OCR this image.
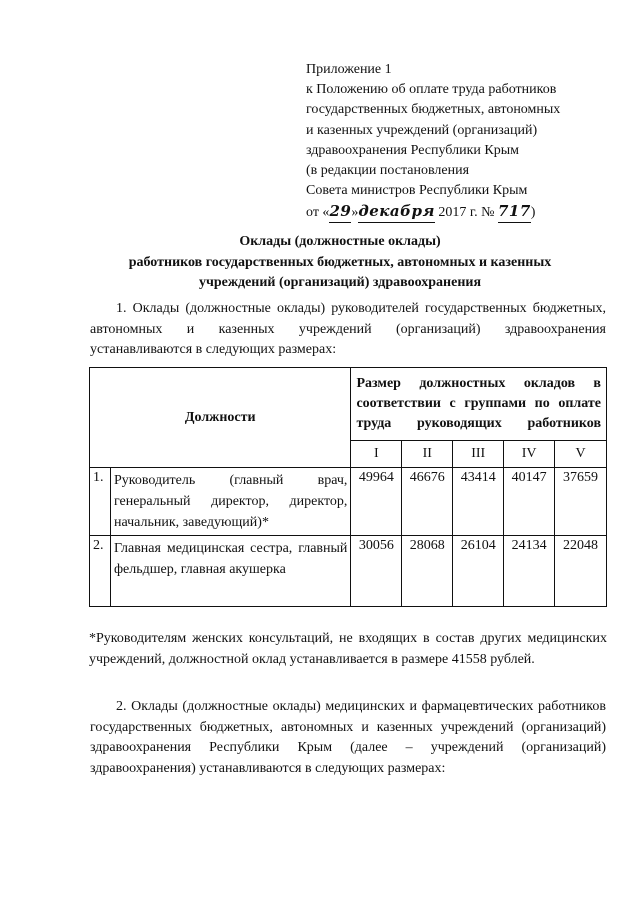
Приложение 1
к Положению об оплате труда работников
государственных бюджетных, автономных
и казенных учреждений (организаций)
здравоохранения Республики Крым
(в редакции постановления
Совета министров Республики Крым
от «29»декабря 2017 г. № 717)
Оклады (должностные оклады)
работников государственных бюджетных, автономных и казенных
учреждений (организаций) здравоохранения
1. Оклады (должностные оклады) руководителей государственных бюджетных, автономных и казенных учреждений (организаций) здравоохранения устанавливаются в следующих размерах:
Должности		Размер должностных окладов в соответствии с группами по оплате труда руководящих работников				
		I	II	III	IV	V
1.	Руководитель (главный врач, генеральный директор, директор, начальник, заведующий)*	49964	46676	43414	40147	37659
2.	Главная медицинская сестра, главный фельдшер, главная акушерка	30056	28068	26104	24134	22048
*Руководителям женских консультаций, не входящих в состав других медицинских учреждений, должностной оклад устанавливается в размере 41558 рублей.
2. Оклады (должностные оклады) медицинских и фармацевтических работников государственных бюджетных, автономных и казенных учреждений (организаций) здравоохранения Республики Крым (далее – учреждений (организаций) здравоохранения) устанавливаются в следующих размерах:
